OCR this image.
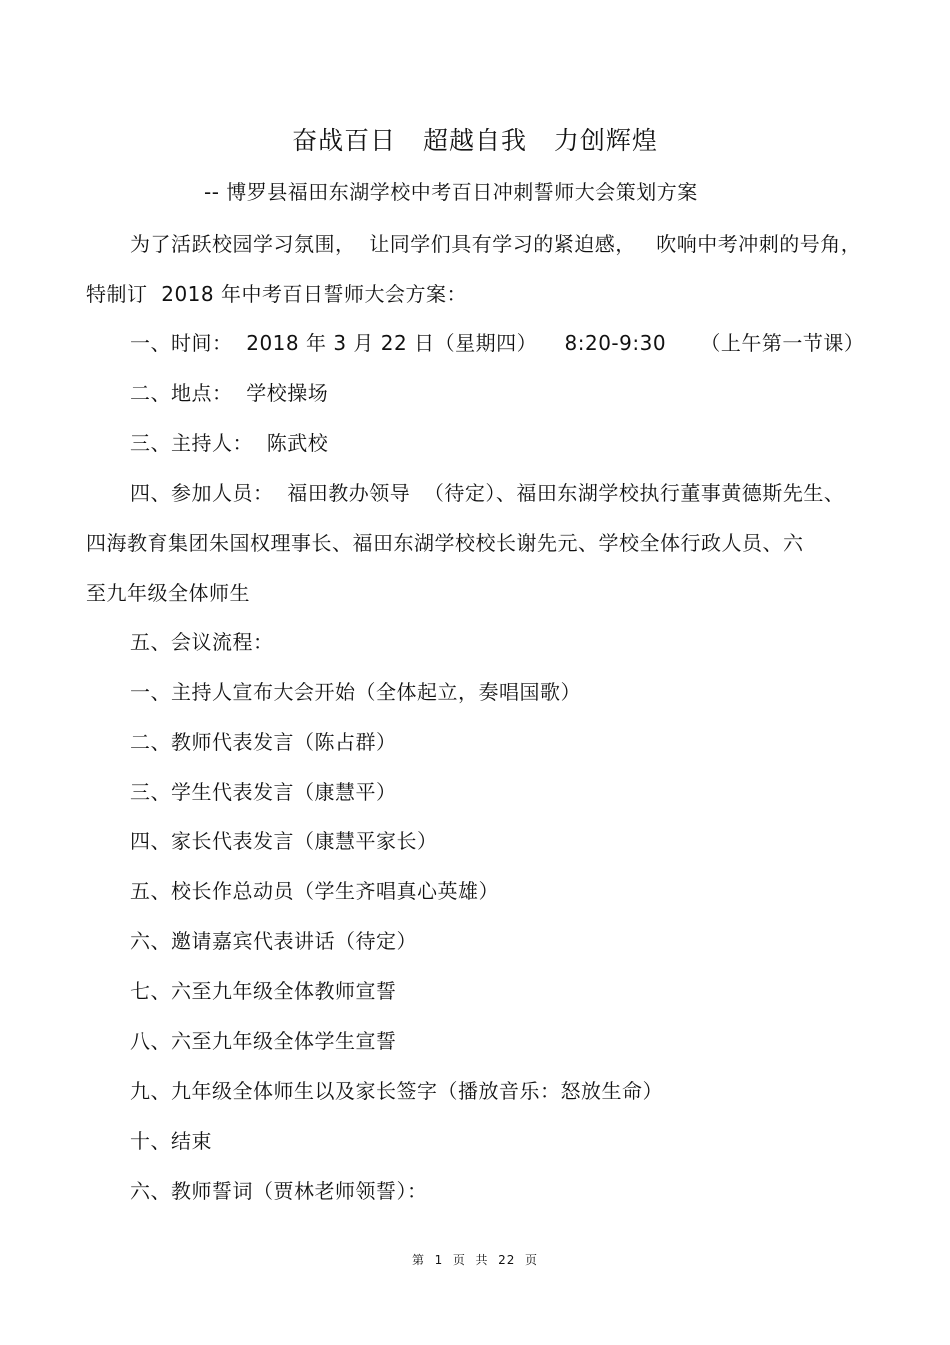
奋战百日   超越自我   力创辉煌
-- 博罗县福田东湖学校中考百日冲刺誓师大会策划方案
为了活跃校园学习氛围，  让同学们具有学习的紧迫感，   吹响中考冲刺的号角，
特制订  2018 年中考百日誓师大会方案：
一、时间：  2018 年 3 月 22 日（星期四）    8:20-9:30     （上午第一节课）
二、地点：  学校操场
三、主持人：  陈武校
四、参加人员：  福田教办领导  （待定）、福田东湖学校执行董事黄德斯先生、
四海教育集团朱国权理事长、福田东湖学校校长谢先元、学校全体行政人员、六
至九年级全体师生
五、会议流程：
一、主持人宣布大会开始（全体起立，奏唱国歌）
二、教师代表发言（陈占群）
三、学生代表发言（康慧平）
四、家长代表发言（康慧平家长）
五、校长作总动员（学生齐唱真心英雄）
六、邀请嘉宾代表讲话（待定）
七、六至九年级全体教师宣誓
八、六至九年级全体学生宣誓
九、九年级全体师生以及家长签字（播放音乐：怒放生命）
十、结束
六、教师誓词（贾林老师领誓）：
第  1  页  共  22  页
